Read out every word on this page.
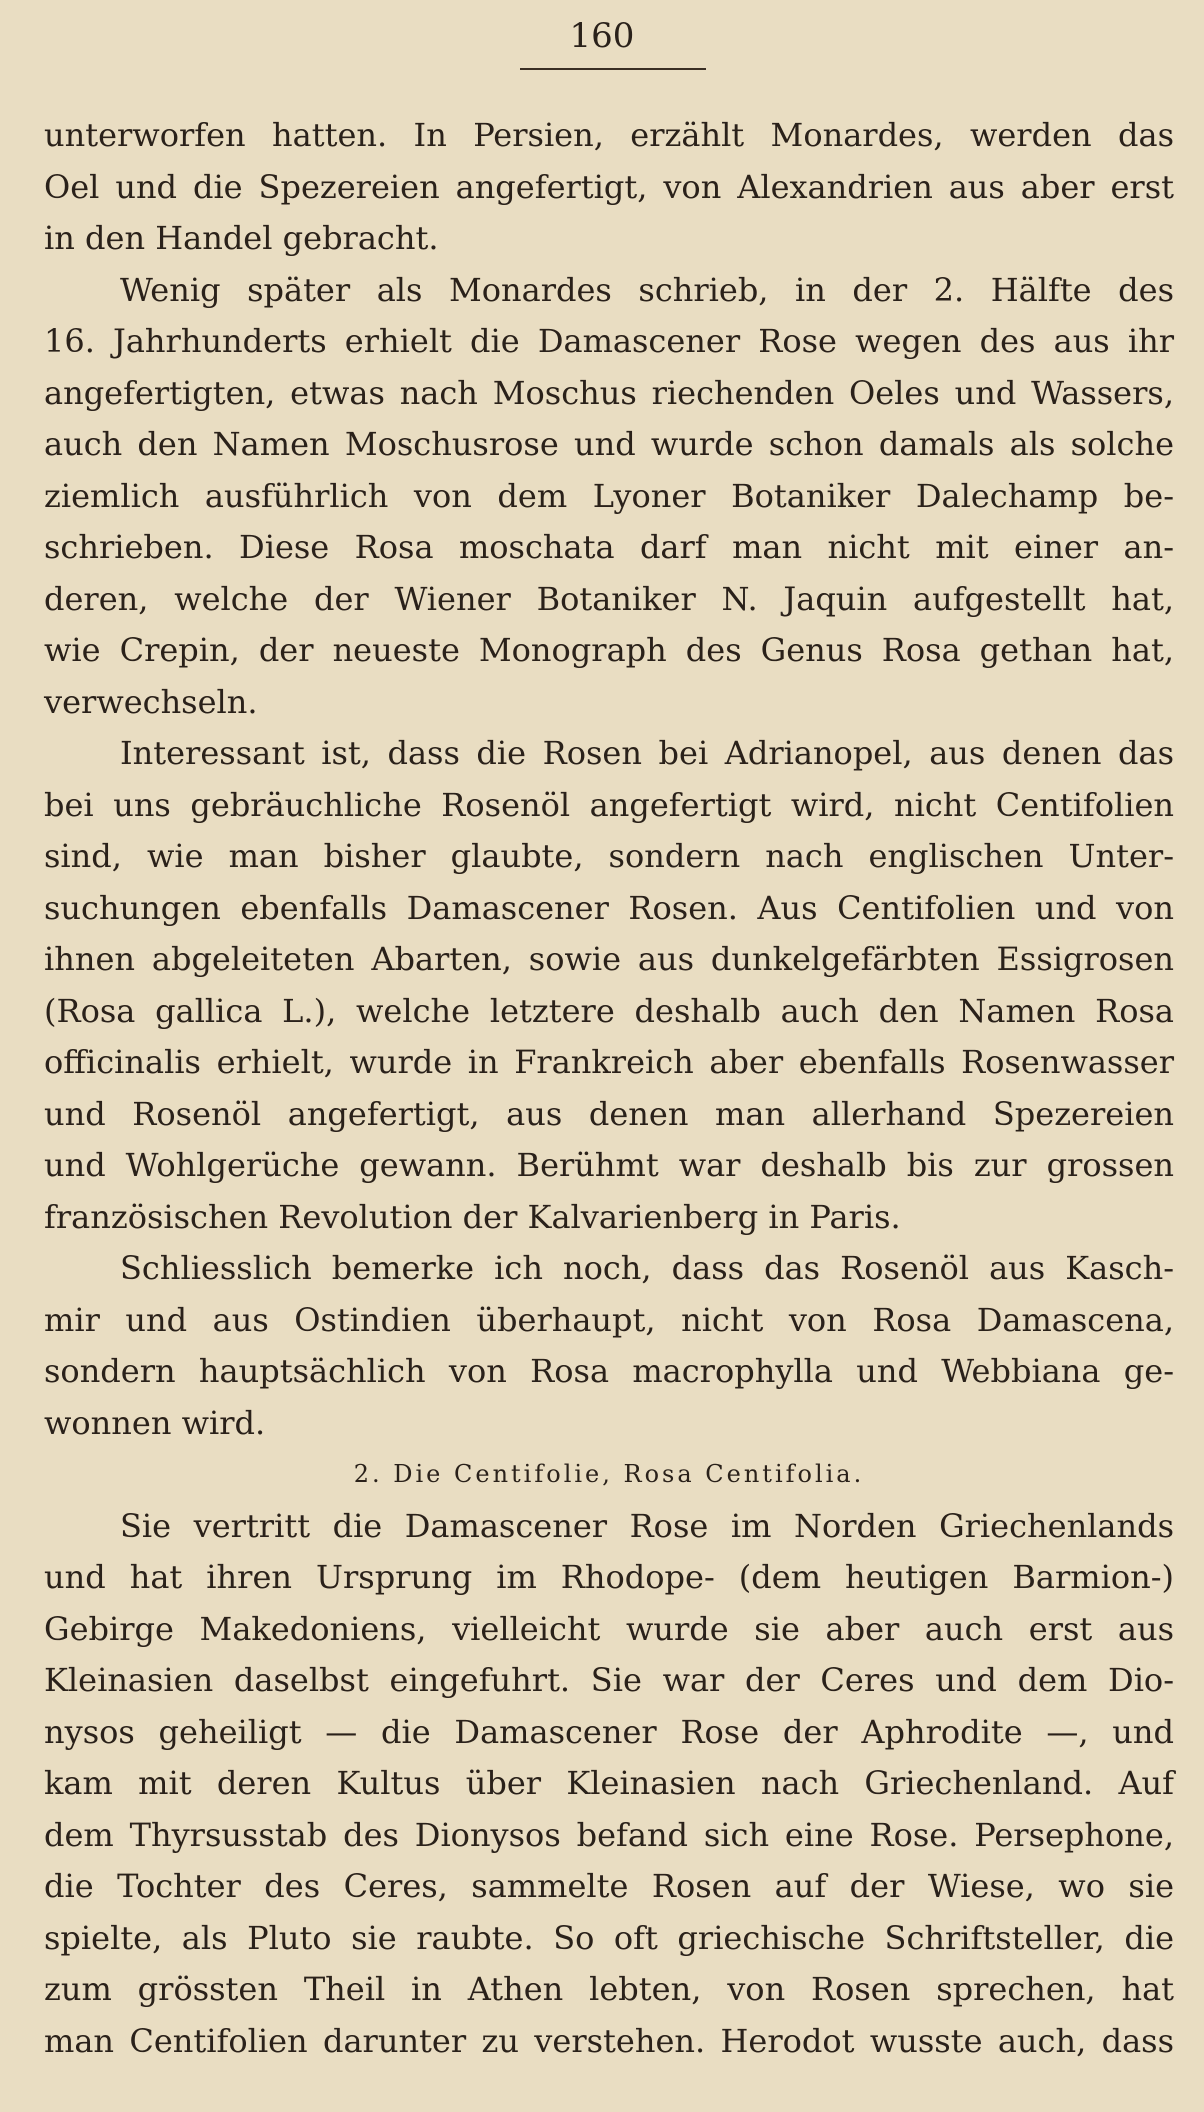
160

unterworfen hatten. In Persien, erzählt Monardes, werden das
Oel und die Spezereien angefertigt, von Alexandrien aus aber erst
in den Handel gebracht.

Wenig später als Monardes schrieb, in der 2. Hälfte des
16. Jahrhunderts erhielt die Damascener Rose wegen des aus ihr
angefertigten, etwas nach Moschus riechenden Oeles und Wassers,
auch den Namen Moschusrose und wurde schon damals als solche
ziemlich ausführlich von dem Lyoner Botaniker Dalechamp be-
schrieben. Diese Rosa moschata darf man nicht mit einer an-
deren, welche der Wiener Botaniker N. Jaquin aufgestellt hat,
wie Crepin, der neueste Monograph des Genus Rosa gethan hat,
verwechseln.

Interessant ist, dass die Rosen bei Adrianopel, aus denen das
bei uns gebräuchliche Rosenöl angefertigt wird, nicht Centifolien
sind, wie man bisher glaubte, sondern nach englischen Unter-
suchungen ebenfalls Damascener Rosen. Aus Centifolien und von
ihnen abgeleiteten Abarten, sowie aus dunkelgefärbten Essigrosen
(Rosa gallica L.), welche letztere deshalb auch den Namen Rosa
officinalis erhielt, wurde in Frankreich aber ebenfalls Rosenwasser
und Rosenöl angefertigt, aus denen man allerhand Spezereien
und Wohlgerüche gewann. Berühmt war deshalb bis zur grossen
französischen Revolution der Kalvarienberg in Paris.

Schliesslich bemerke ich noch, dass das Rosenöl aus Kasch-
mir und aus Ostindien überhaupt, nicht von Rosa Damascena,
sondern hauptsächlich von Rosa macrophylla und Webbiana ge-
wonnen wird.

2. Die Centifolie, Rosa Centifolia.

Sie vertritt die Damascener Rose im Norden Griechenlands
und hat ihren Ursprung im Rhodope- (dem heutigen Barmion-)
Gebirge Makedoniens, vielleicht wurde sie aber auch erst aus
Kleinasien daselbst eingefuhrt. Sie war der Ceres und dem Dio-
nysos geheiligt — die Damascener Rose der Aphrodite —, und
kam mit deren Kultus über Kleinasien nach Griechenland. Auf
dem Thyrsusstab des Dionysos befand sich eine Rose. Persephone,
die Tochter des Ceres, sammelte Rosen auf der Wiese, wo sie
spielte, als Pluto sie raubte. So oft griechische Schriftsteller, die
zum grössten Theil in Athen lebten, von Rosen sprechen, hat
man Centifolien darunter zu verstehen. Herodot wusste auch, dass
